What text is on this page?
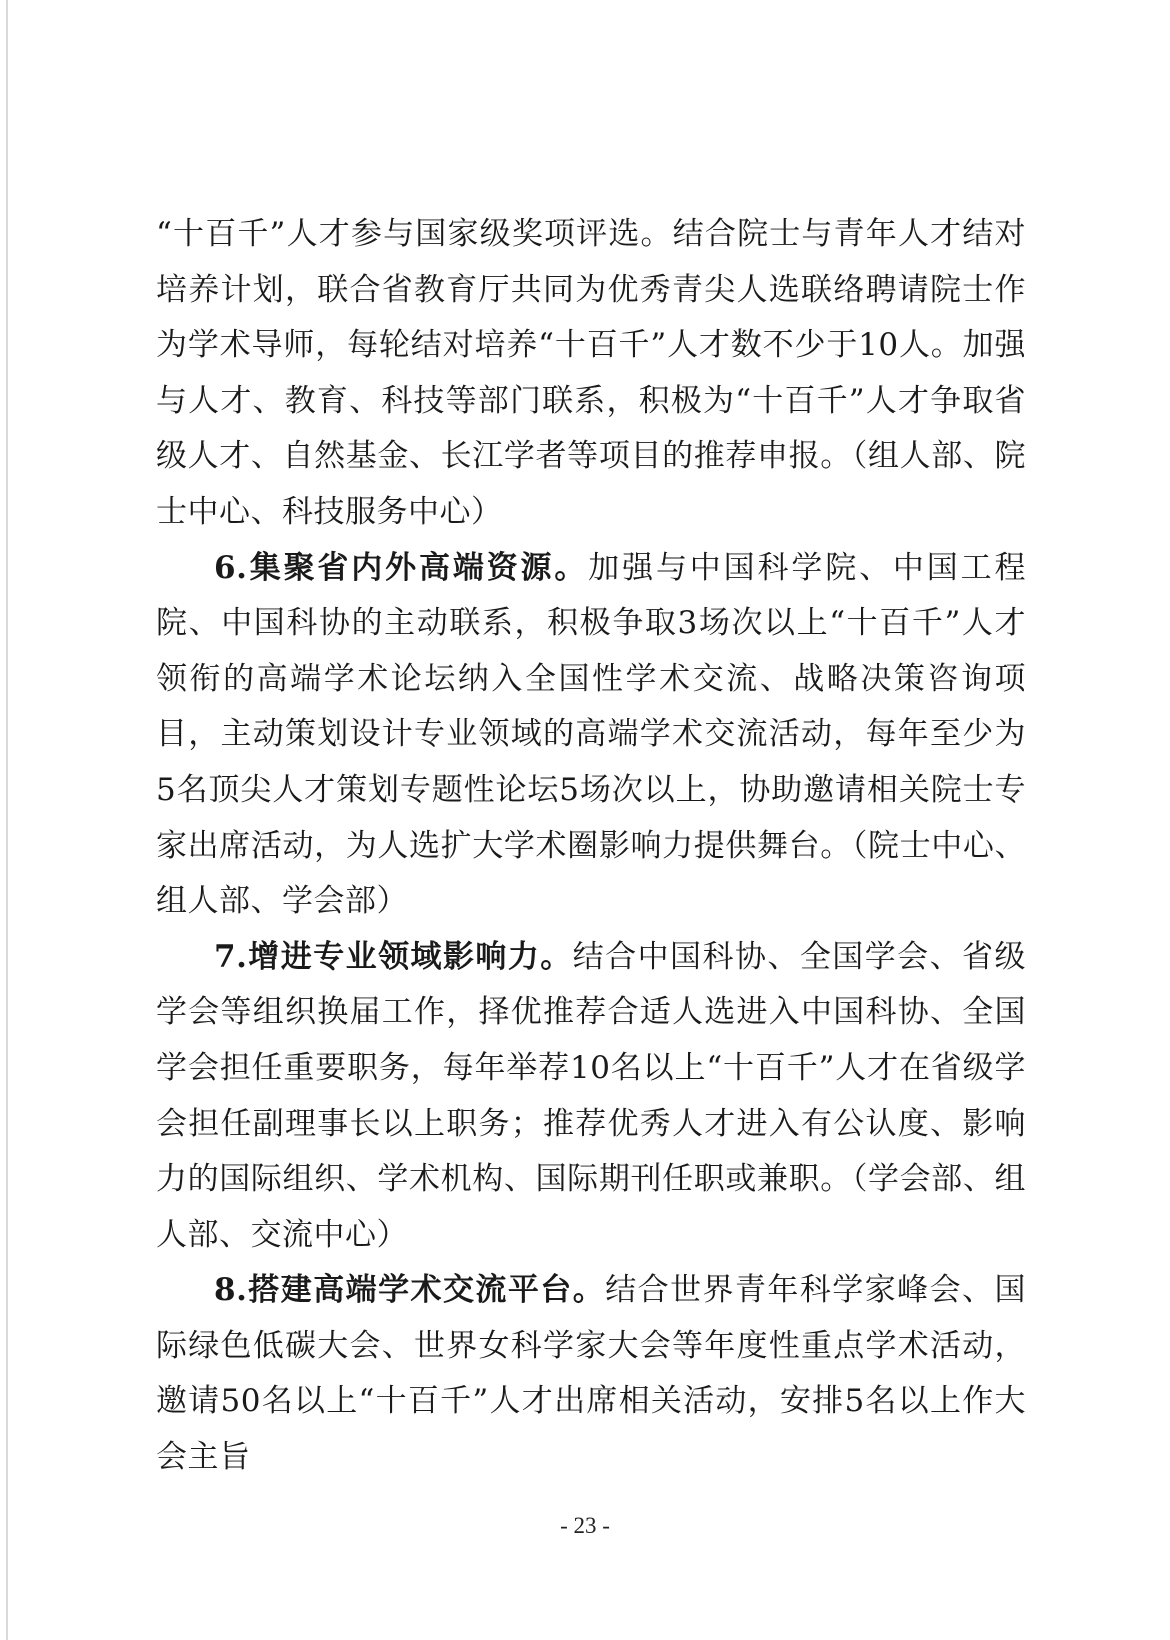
“十百千”人才参与国家级奖项评选。结合院士与青年人才结对培养计划，联合省教育厅共同为优秀青尖人选联络聘请院士作为学术导师，每轮结对培养“十百千”人才数不少于10人。加强与人才、教育、科技等部门联系，积极为“十百千”人才争取省级人才、自然基金、长江学者等项目的推荐申报。（组人部、院士中心、科技服务中心）

6.集聚省内外高端资源。加强与中国科学院、中国工程院、中国科协的主动联系，积极争取3场次以上“十百千”人才领衔的高端学术论坛纳入全国性学术交流、战略决策咨询项目，主动策划设计专业领域的高端学术交流活动，每年至少为5名顶尖人才策划专题性论坛5场次以上，协助邀请相关院士专家出席活动，为人选扩大学术圈影响力提供舞台。（院士中心、组人部、学会部）

7.增进专业领域影响力。结合中国科协、全国学会、省级学会等组织换届工作，择优推荐合适人选进入中国科协、全国学会担任重要职务，每年举荐10名以上“十百千”人才在省级学会担任副理事长以上职务；推荐优秀人才进入有公认度、影响力的国际组织、学术机构、国际期刊任职或兼职。（学会部、组人部、交流中心）

8.搭建高端学术交流平台。结合世界青年科学家峰会、国际绿色低碳大会、世界女科学家大会等年度性重点学术活动，邀请50名以上“十百千”人才出席相关活动，安排5名以上作大会主旨

- 23 -
